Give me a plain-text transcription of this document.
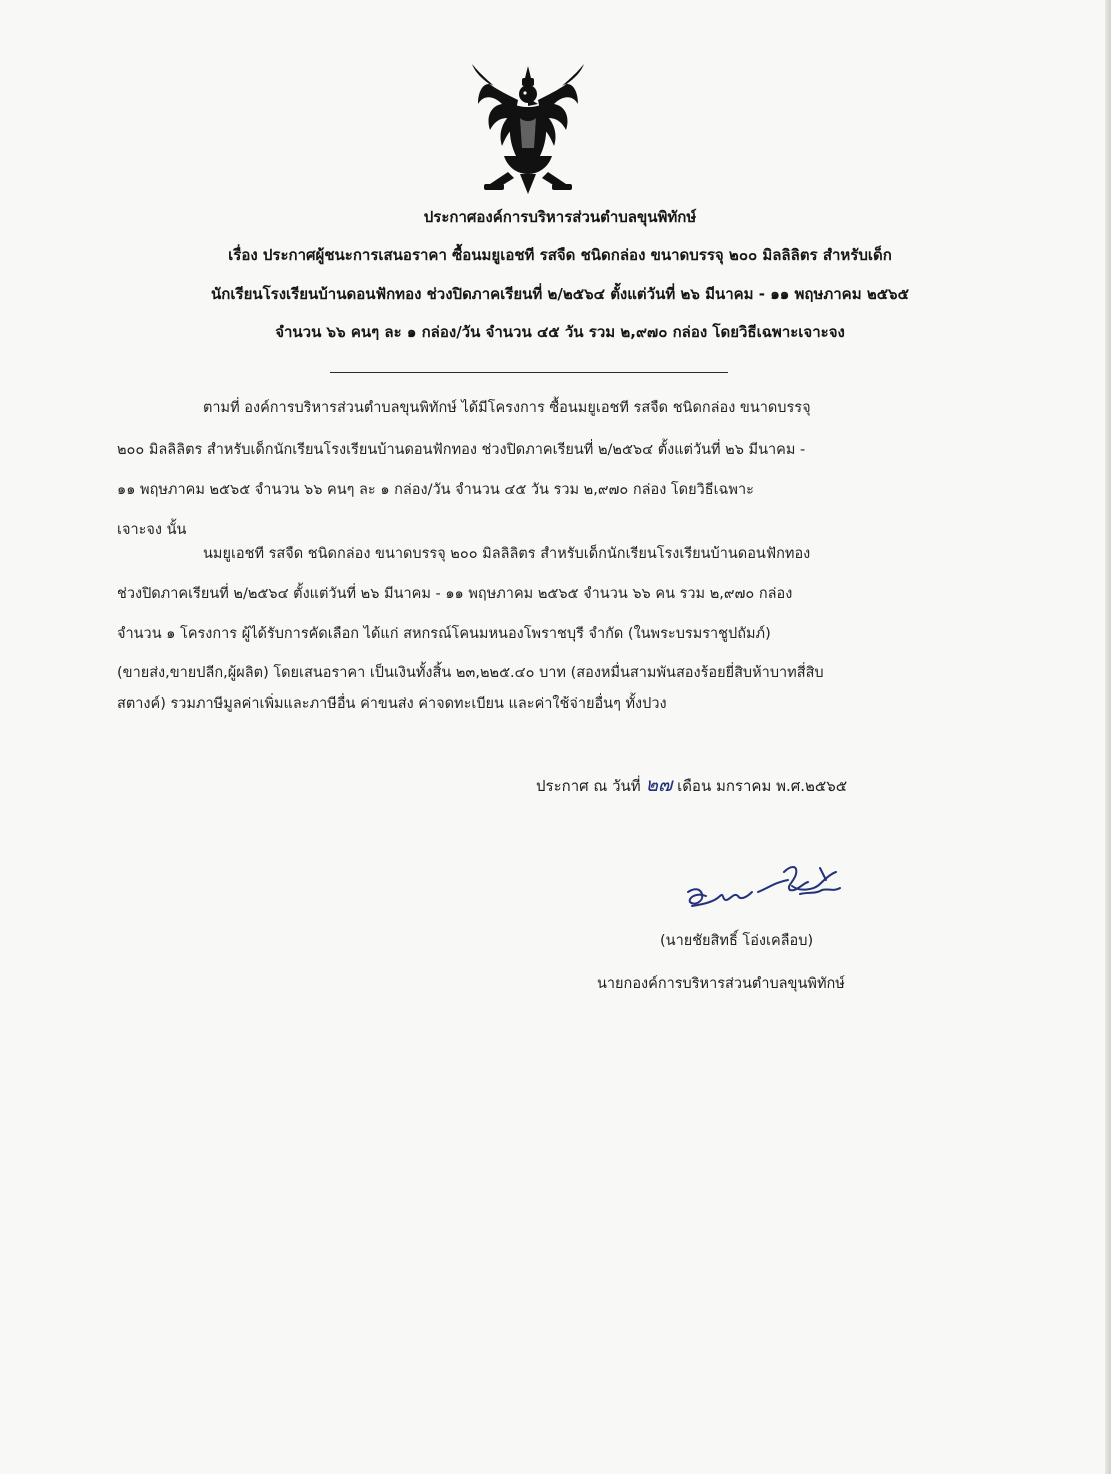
ประกาศองค์การบริหารส่วนตำบลขุนพิทักษ์
เรื่อง ประกาศผู้ชนะการเสนอราคา ซื้อนมยูเอชที รสจืด ชนิดกล่อง ขนาดบรรจุ ๒๐๐ มิลลิลิตร สำหรับเด็ก
นักเรียนโรงเรียนบ้านดอนฟักทอง ช่วงปิดภาคเรียนที่ ๒/๒๕๖๔ ตั้งแต่วันที่ ๒๖ มีนาคม - ๑๑ พฤษภาคม ๒๕๖๕
จำนวน ๖๖ คนๆ ละ ๑ กล่อง/วัน จำนวน ๔๕ วัน รวม ๒,๙๗๐ กล่อง โดยวิธีเฉพาะเจาะจง
ตามที่ องค์การบริหารส่วนตำบลขุนพิทักษ์ ได้มีโครงการ ซื้อนมยูเอชที รสจืด ชนิดกล่อง ขนาดบรรจุ
๒๐๐ มิลลิลิตร สำหรับเด็กนักเรียนโรงเรียนบ้านดอนฟักทอง ช่วงปิดภาคเรียนที่ ๒/๒๕๖๔ ตั้งแต่วันที่ ๒๖ มีนาคม -
๑๑ พฤษภาคม ๒๕๖๕ จำนวน ๖๖ คนๆ ละ ๑ กล่อง/วัน จำนวน ๔๕ วัน รวม ๒,๙๗๐ กล่อง โดยวิธีเฉพาะ
เจาะจง นั้น
นมยูเอชที รสจืด ชนิดกล่อง ขนาดบรรจุ ๒๐๐ มิลลิลิตร สำหรับเด็กนักเรียนโรงเรียนบ้านดอนฟักทอง
ช่วงปิดภาคเรียนที่ ๒/๒๕๖๔ ตั้งแต่วันที่ ๒๖ มีนาคม - ๑๑ พฤษภาคม ๒๕๖๕ จำนวน ๖๖ คน รวม ๒,๙๗๐ กล่อง
จำนวน ๑ โครงการ ผู้ได้รับการคัดเลือก ได้แก่ สหกรณ์โคนมหนองโพราชบุรี จำกัด (ในพระบรมราชูปถัมภ์)
(ขายส่ง,ขายปลีก,ผู้ผลิต) โดยเสนอราคา เป็นเงินทั้งสิ้น ๒๓,๒๒๕.๔๐ บาท (สองหมื่นสามพันสองร้อยยี่สิบห้าบาทสี่สิบ
สตางค์) รวมภาษีมูลค่าเพิ่มและภาษีอื่น ค่าขนส่ง ค่าจดทะเบียน และค่าใช้จ่ายอื่นๆ ทั้งปวง
ประกาศ ณ วันที่ ๒๗ เดือน มกราคม พ.ศ.๒๕๖๕
(นายชัยสิทธิ์ โอ่งเคลือบ)
นายกองค์การบริหารส่วนตำบลขุนพิทักษ์
